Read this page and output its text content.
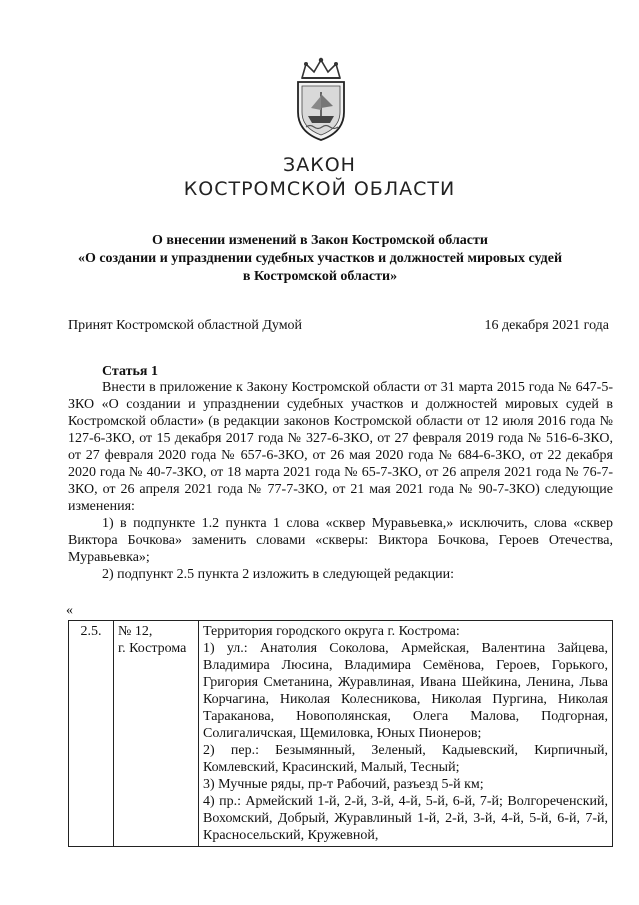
ЗАКОН
КОСТРОМСКОЙ ОБЛАСТИ
О внесении изменений в Закон Костромской области
«О создании и упразднении судебных участков и должностей мировых судей
в Костромской области»
Принят Костромской областной Думой	16 декабря 2021 года
Статья 1

Внести в приложение к Закону Костромской области от 31 марта 2015 года № 647-5-ЗКО «О создании и упразднении судебных участков и должностей мировых судей в Костромской области» (в редакции законов Костромской области от 12 июля 2016 года № 127-6-ЗКО, от 15 декабря 2017 года № 327-6-ЗКО, от 27 февраля 2019 года № 516-6-ЗКО, от 27 февраля 2020 года № 657-6-ЗКО, от 26 мая 2020 года № 684-6-ЗКО, от 22 декабря 2020 года № 40-7-ЗКО, от 18 марта 2021 года № 65-7-ЗКО, от 26 апреля 2021 года № 76-7-ЗКО, от 26 апреля 2021 года № 77-7-ЗКО, от 21 мая 2021 года № 90-7-ЗКО) следующие изменения:

1) в подпункте 1.2 пункта 1 слова «сквер Муравьевка,» исключить, слова «сквер Виктора Бочкова» заменить словами «скверы: Виктора Бочкова, Героев Отечества, Муравьевка»;

2) подпункт 2.5 пункта 2 изложить в следующей редакции:

«
2.5.	№ 12,
г. Кострома

Территория городского округа г. Кострома:
1) ул.: Анатолия Соколова, Армейская, Валентина Зайцева, Владимира Люсина, Владимира Семёнова, Героев, Горького, Григория Сметанина, Журавлиная, Ивана Шейкина, Ленина, Льва Корчагина, Николая Колесникова, Николая Пургина, Николая Тараканова, Новополянская, Олега Малова, Подгорная, Солигаличская, Щемиловка, Юных Пионеров;
2) пер.: Безымянный, Зеленый, Кадыевский, Кирпичный, Комлевский, Красинский, Малый, Тесный;
3) Мучные ряды, пр-т Рабочий, разъезд 5-й км;
4) пр.: Армейский 1-й, 2-й, 3-й, 4-й, 5-й, 6-й, 7-й; Волгореченский, Вохомский, Добрый, Журавлиный 1-й, 2-й, 3-й, 4-й, 5-й, 6-й, 7-й, Красносельский, Кружевной,
